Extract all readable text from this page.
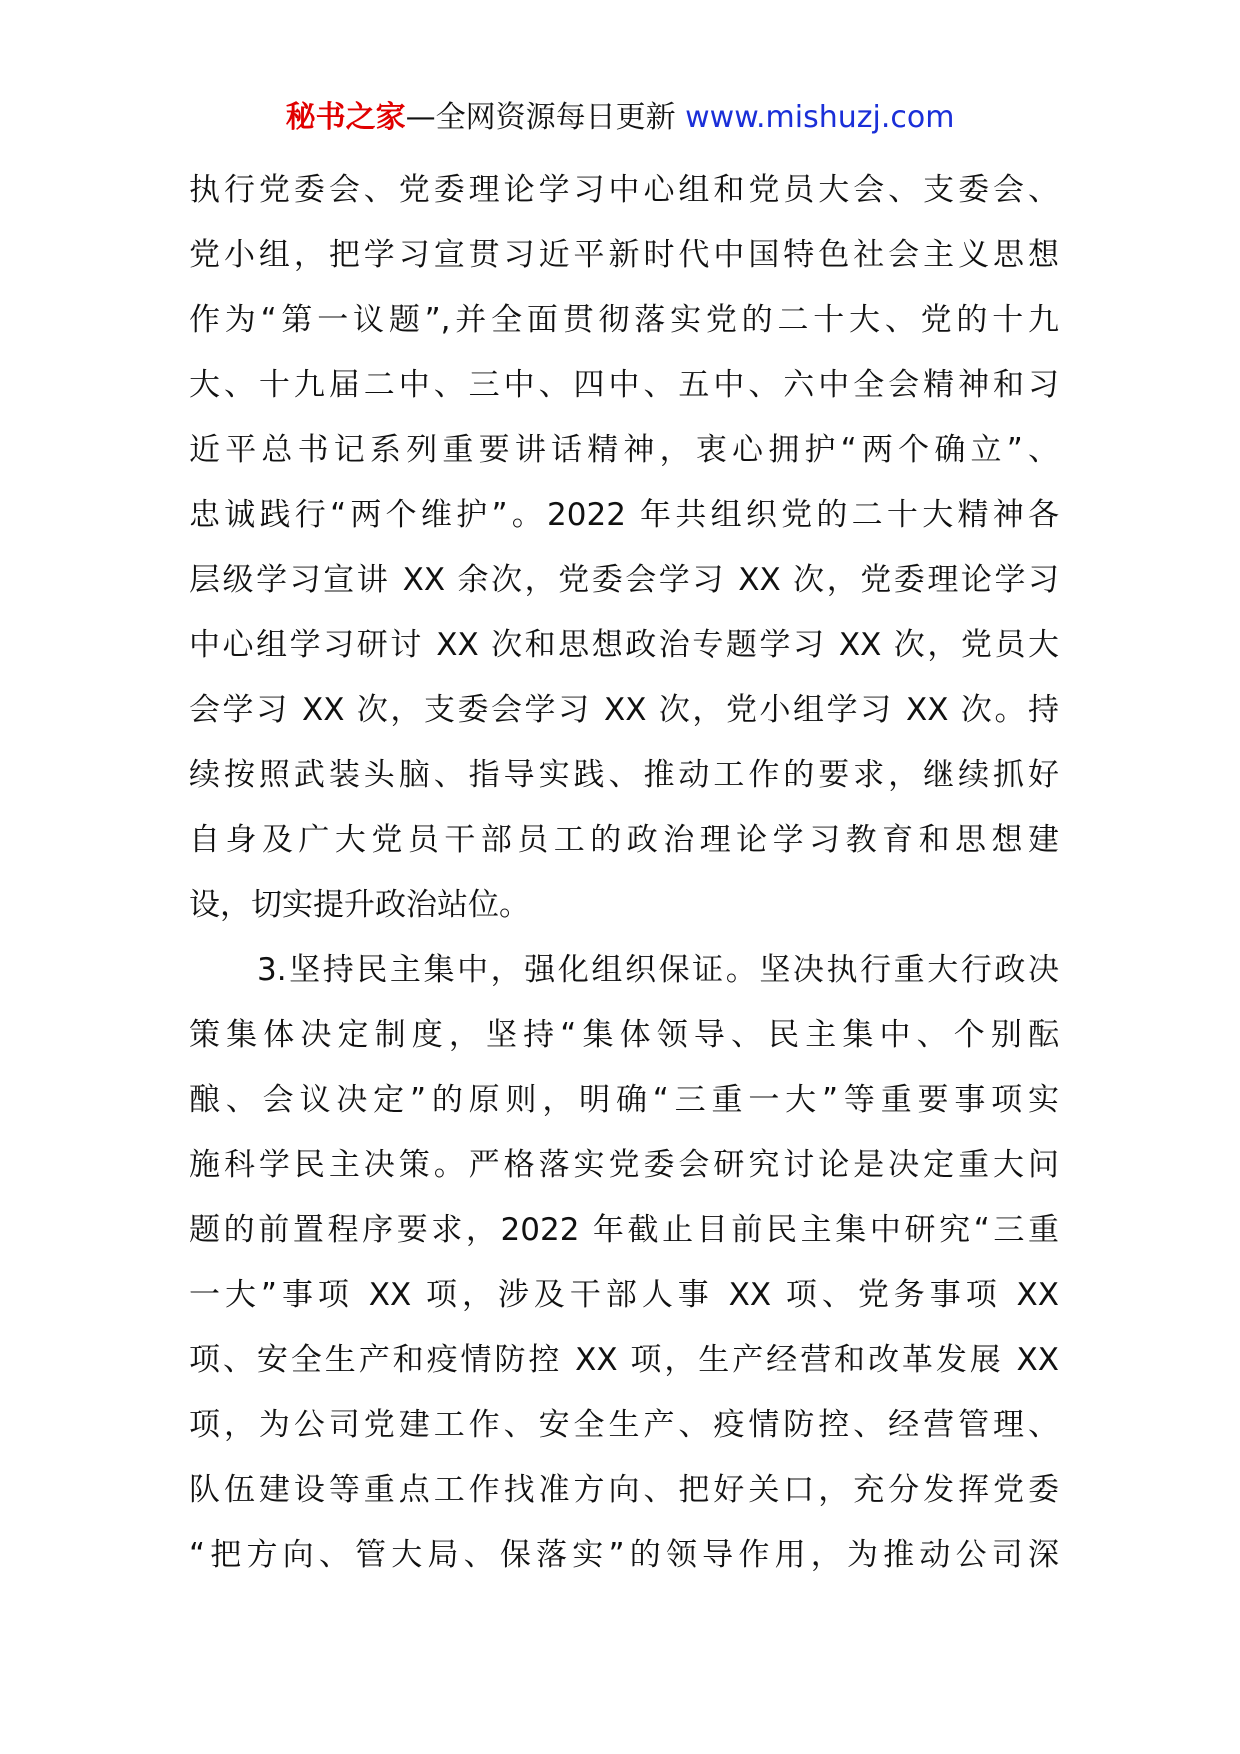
秘书之家—全网资源每日更新 www.mishuzj.com
执行党委会、党委理论学习中心组和党员大会、支委会、
党小组，把学习宣贯习近平新时代中国特色社会主义思想
作为“第一议题”,并全面贯彻落实党的二十大、党的十九
大、十九届二中、三中、四中、五中、六中全会精神和习
近平总书记系列重要讲话精神，衷心拥护“两个确立”、
忠诚践行“两个维护”。2022 年共组织党的二十大精神各
层级学习宣讲 XX 余次，党委会学习 XX 次，党委理论学习
中心组学习研讨 XX 次和思想政治专题学习 XX 次，党员大
会学习 XX 次，支委会学习 XX 次，党小组学习 XX 次。持
续按照武装头脑、指导实践、推动工作的要求，继续抓好
自身及广大党员干部员工的政治理论学习教育和思想建
设，切实提升政治站位。
3.坚持民主集中，强化组织保证。坚决执行重大行政决
策集体决定制度，坚持“集体领导、民主集中、个别酝
酿、会议决定”的原则，明确“三重一大”等重要事项实
施科学民主决策。严格落实党委会研究讨论是决定重大问
题的前置程序要求，2022 年截止目前民主集中研究“三重
一大”事项 XX 项，涉及干部人事 XX 项、党务事项 XX
项、安全生产和疫情防控 XX 项，生产经营和改革发展 XX
项，为公司党建工作、安全生产、疫情防控、经营管理、
队伍建设等重点工作找准方向、把好关口，充分发挥党委
“把方向、管大局、保落实”的领导作用，为推动公司深
